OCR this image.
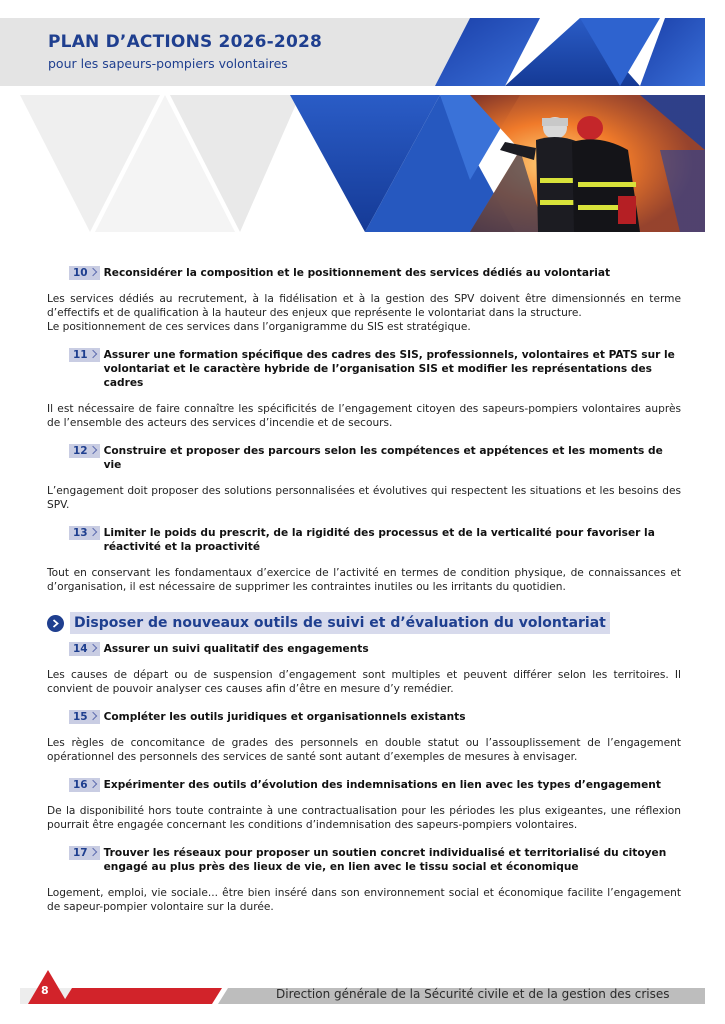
PLAN D’ACTIONS 2026-2028
pour les sapeurs-pompiers volontaires
10	Reconsidérer la composition et le positionnement des services dédiés au volontariat

Les services dédiés au recrutement, à la fidélisation et à la gestion des SPV doivent être dimensionnés en terme d’effectifs et de qualification à la hauteur des enjeux que représente le volontariat dans la structure.
Le positionnement de ces services dans l’organigramme du SIS est stratégique.

11	Assurer une formation spécifique des cadres des SIS, professionnels, volontaires et PATS sur le volontariat et le caractère hybride de l’organisation SIS et modifier les représentations des cadres

Il est nécessaire de faire connaître les spécificités de l’engagement citoyen des sapeurs-pompiers volontaires auprès de l’ensemble des acteurs des services d’incendie et de secours.

12	Construire et proposer des parcours selon les compétences et appétences et les moments de vie

L’engagement doit proposer des solutions personnalisées et évolutives qui respectent les situations et les besoins des SPV.

13	Limiter le poids du prescrit, de la rigidité des processus et de la verticalité pour favoriser la réactivité et la proactivité

Tout en conservant les fondamentaux d’exercice de l’activité en termes de condition physique, de connaissances et d’organisation, il est nécessaire de supprimer les contraintes inutiles ou les irritants du quotidien.

Disposer de nouveaux outils de suivi et d’évaluation du volontariat
14	Assurer un suivi qualitatif des engagements

Les causes de départ ou de suspension d’engagement sont multiples et peuvent différer selon les territoires. Il convient de pouvoir analyser ces causes afin d’être en mesure d’y remédier.

15	Compléter les outils juridiques et organisationnels existants

Les règles de concomitance de grades des personnels en double statut ou l’assouplissement de l’engagement opérationnel des personnels des services de santé sont autant d’exemples de mesures à envisager.

16	Expérimenter des outils d’évolution des indemnisations en lien avec les types d’engagement

De la disponibilité hors toute contrainte à une contractualisation pour les périodes les plus exigeantes, une réflexion pourrait être engagée concernant les conditions d’indemnisation des sapeurs-pompiers volontaires.

17	Trouver les réseaux pour proposer un soutien concret individualisé et territorialisé du citoyen engagé au plus près des lieux de vie, en lien avec le tissu social et économique

Logement, emploi, vie sociale... être bien inséré dans son environnement social et économique facilite l’engagement de sapeur-pompier volontaire sur la durée.

8	Direction générale de la Sécurité civile et de la gestion des crises
